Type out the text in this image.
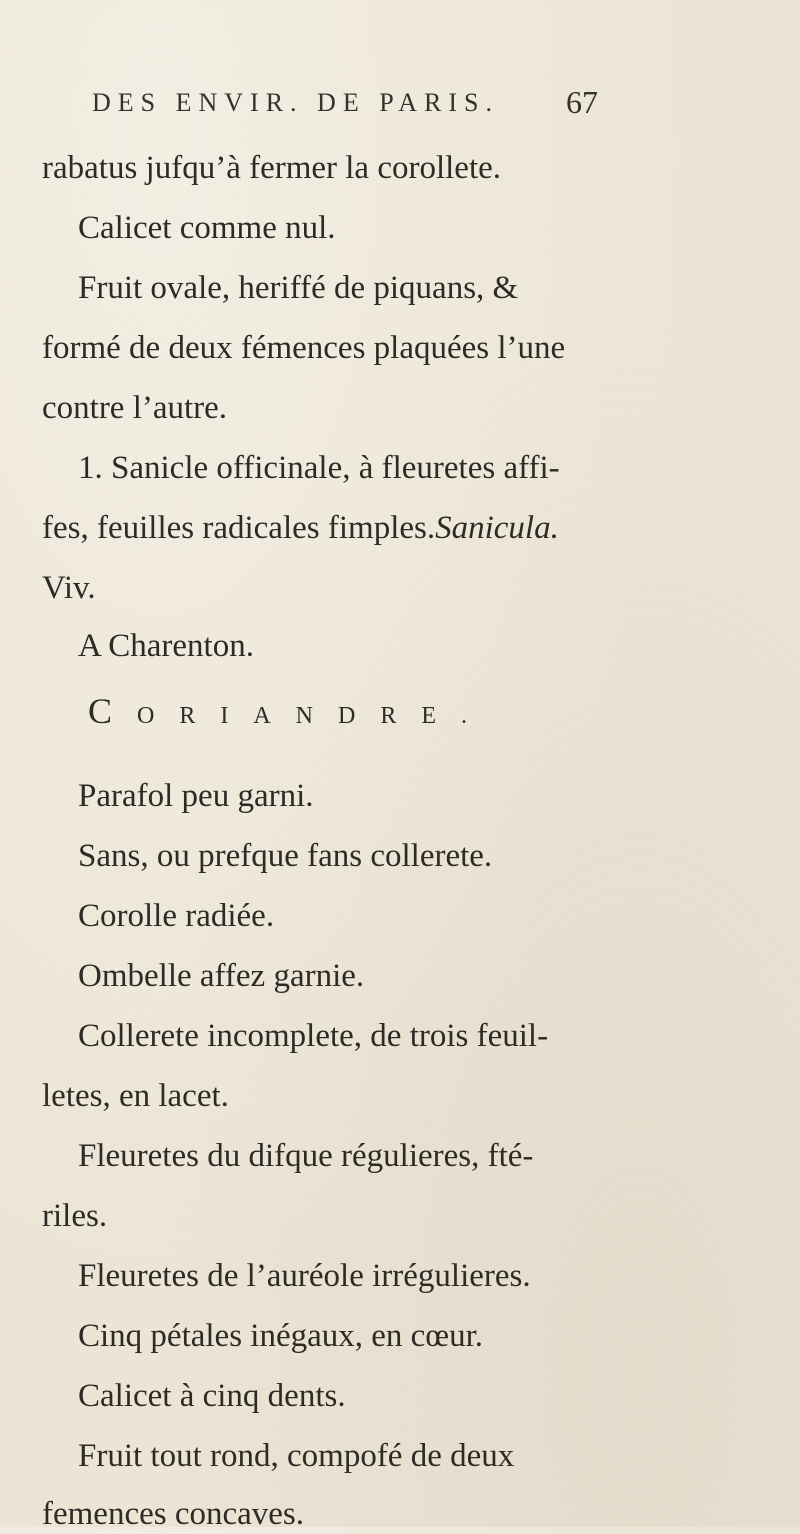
DES ENVIR. DE PARIS. 67
rabatus jufqu’à fermer la corollete.
Calicet comme nul.
Fruit ovale, heriffé de piquans, &
formé de deux fémences plaquées l’une
contre l’autre.
1. Sanicle officinale, à fleuretes affi-
fes, feuilles radicales fimples.Sanicula.
Viv.
A Charenton.
CORIANDRE.
Parafol peu garni.
Sans, ou prefque fans collerete.
Corolle radiée.
Ombelle affez garnie.
Collerete incomplete, de trois feuil-
letes, en lacet.
Fleuretes du difque régulieres, fté-
riles.
Fleuretes de l’auréole irrégulieres.
Cinq pétales inégaux, en cœur.
Calicet à cinq dents.
Fruit tout rond, compofé de deux
femences concaves.
